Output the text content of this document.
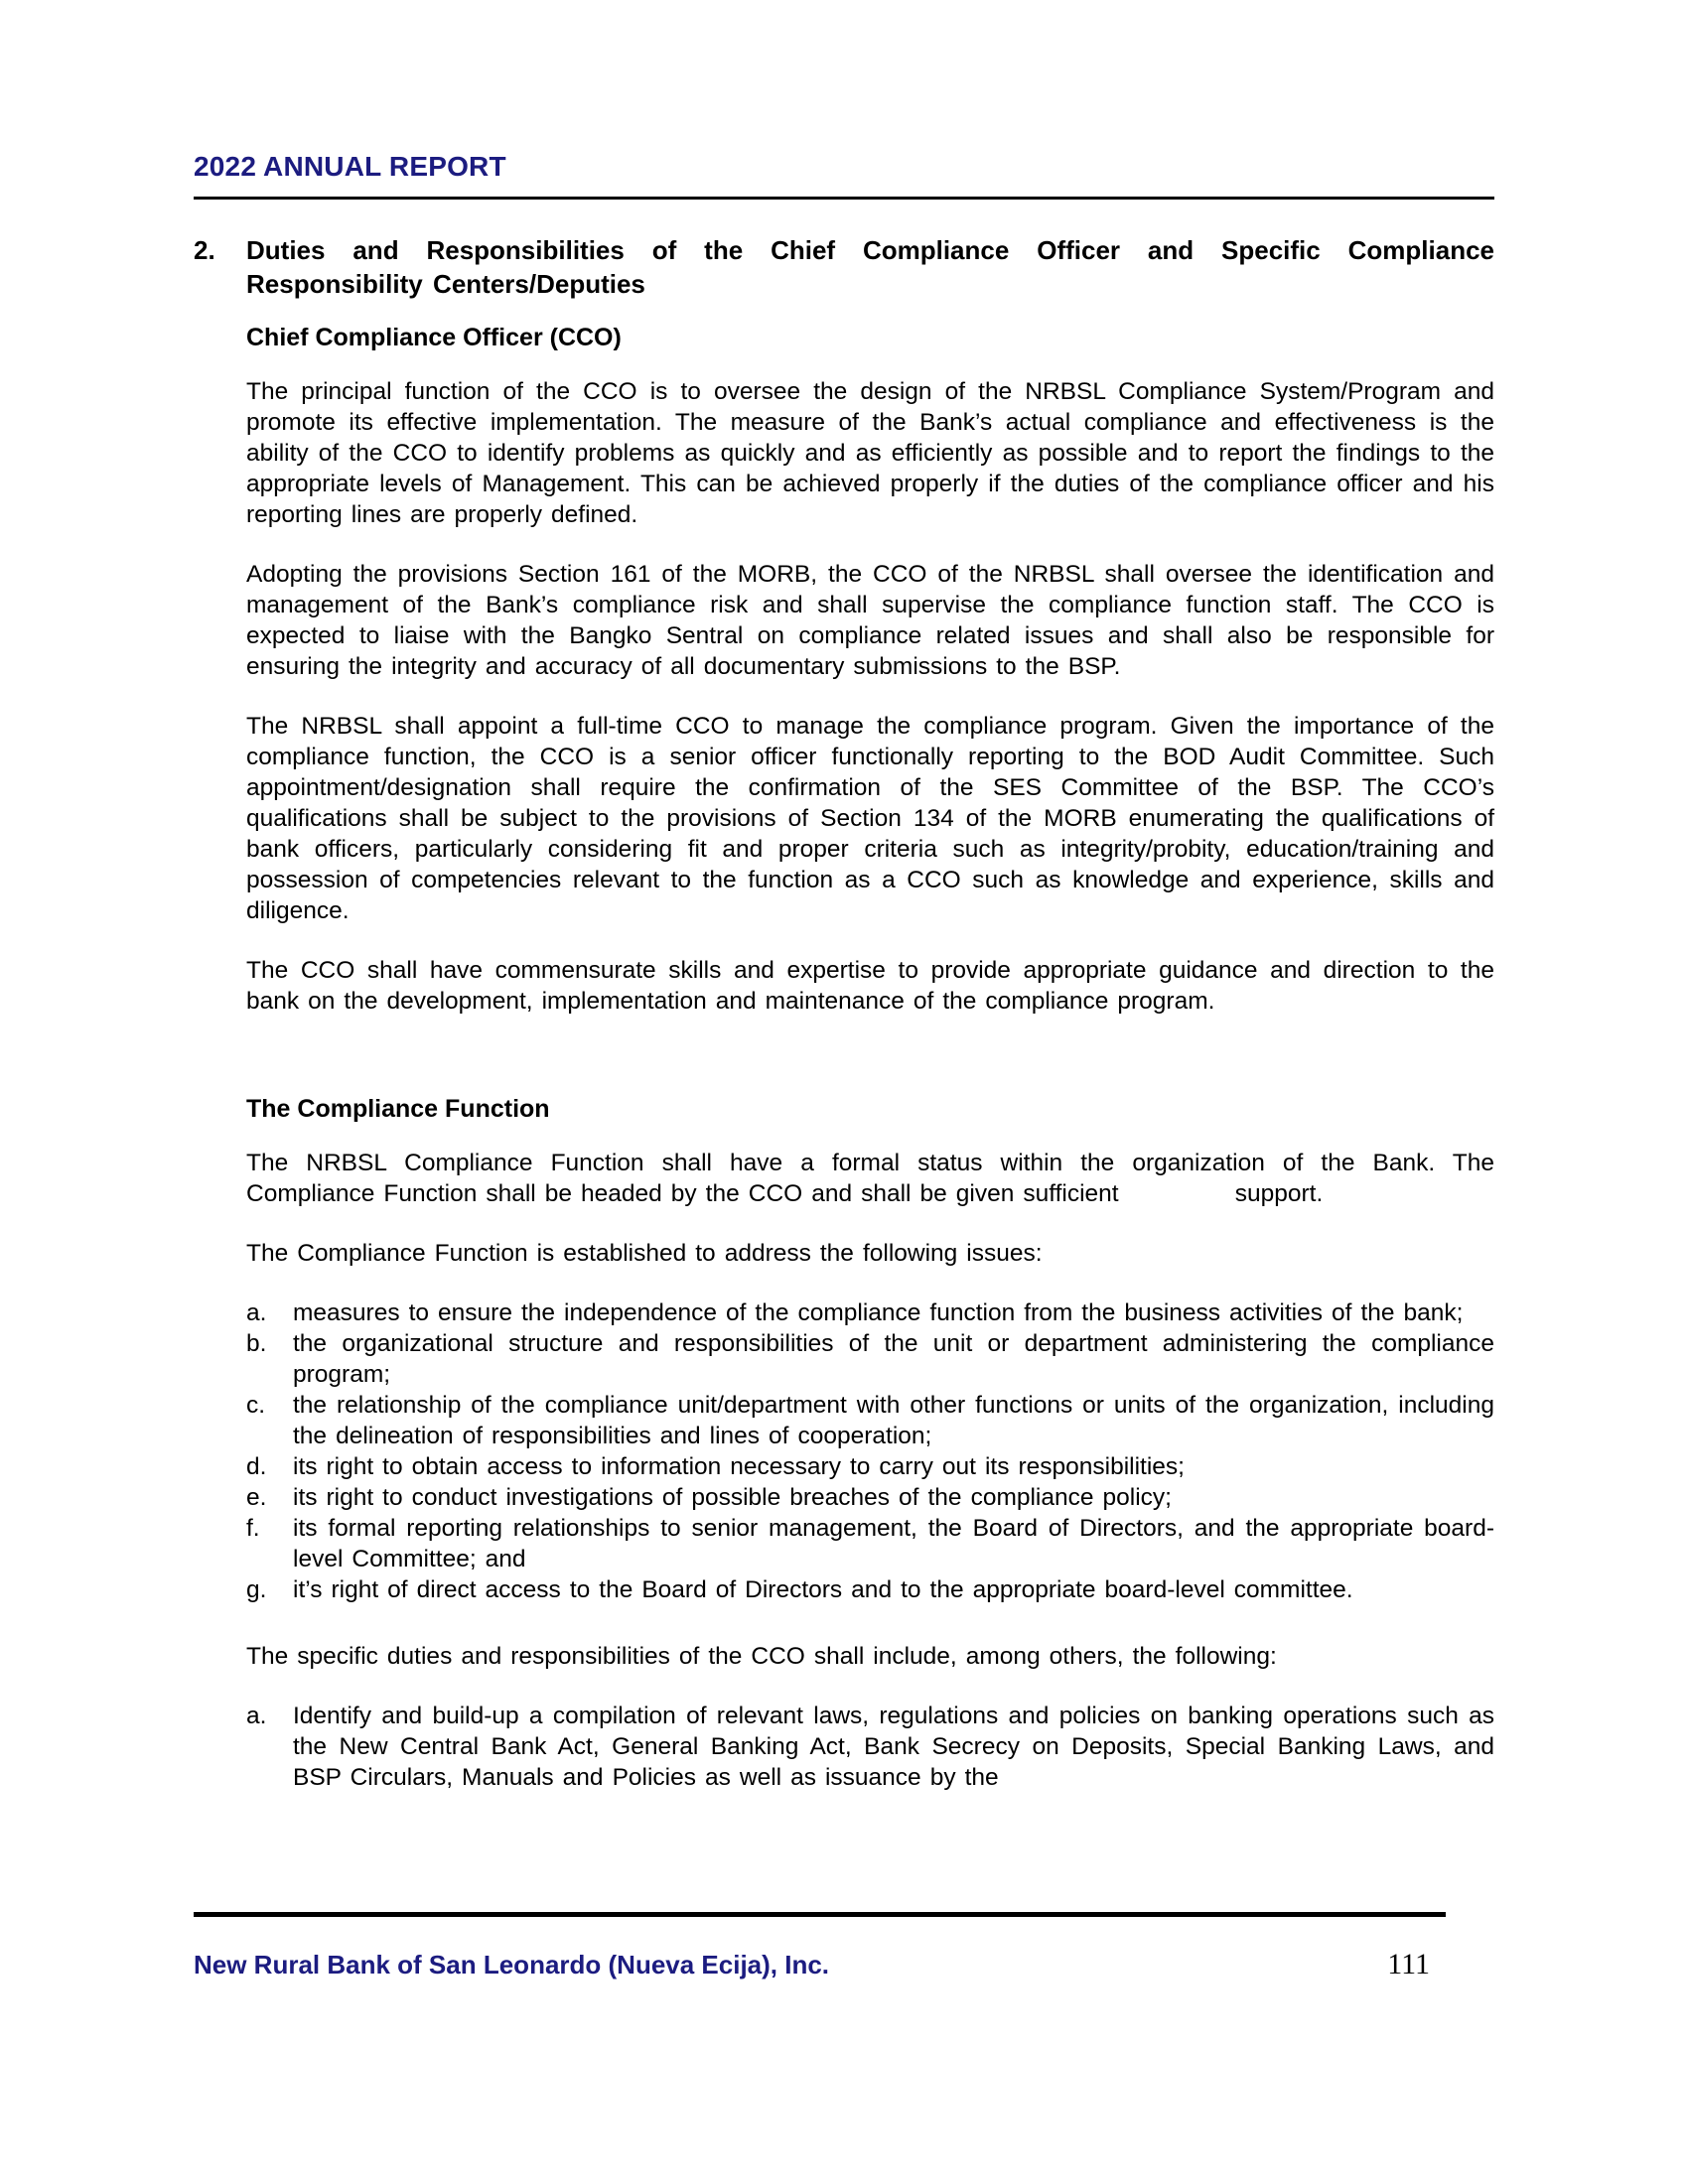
2022 ANNUAL REPORT
2.	Duties and Responsibilities of the Chief Compliance Officer and Specific Compliance Responsibility Centers/Deputies
Chief Compliance Officer (CCO)

The principal function of the CCO is to oversee the design of the NRBSL Compliance System/Program and promote its effective implementation. The measure of the Bank’s actual compliance and effectiveness is the ability of the CCO to identify problems as quickly and as efficiently as possible and to report the findings to the appropriate levels of Management. This can be achieved properly if the duties of the compliance officer and his reporting lines are properly defined.

Adopting the provisions Section 161 of the MORB, the CCO of the NRBSL shall oversee the identification and management of the Bank’s compliance risk and shall supervise the compliance function staff. The CCO is expected to liaise with the Bangko Sentral on compliance related issues and shall also be responsible for ensuring the integrity and accuracy of all documentary submissions to the BSP.

The NRBSL shall appoint a full-time CCO to manage the compliance program. Given the importance of the compliance function, the CCO is a senior officer functionally reporting to the BOD Audit Committee. Such appointment/designation shall require the confirmation of the SES Committee of the BSP. The CCO’s qualifications shall be subject to the provisions of Section 134 of the MORB enumerating the qualifications of bank officers, particularly considering fit and proper criteria such as integrity/probity, education/training and possession of competencies relevant to the function as a CCO such as knowledge and experience, skills and diligence.

The CCO shall have commensurate skills and expertise to provide appropriate guidance and direction to the bank on the development, implementation and maintenance of the compliance program.

The Compliance Function

The NRBSL Compliance Function shall have a formal status within the organization of the Bank. The Compliance Function shall be headed by the CCO and shall be given sufficient             support.

The Compliance Function is established to address the following issues:

a.	measures to ensure the independence of the compliance function from the business activities of the bank;
b.	the organizational structure and responsibilities of the unit or department administering the compliance program;
c.	the relationship of the compliance unit/department with other functions or units of the organization, including the delineation of responsibilities and lines of cooperation;
d.	its right to obtain access to information necessary to carry out its responsibilities;
e.	its right to conduct investigations of possible breaches of the compliance policy;
f.	its formal reporting relationships to senior management, the Board of Directors, and the appropriate board-level Committee; and
g.	it’s right of direct access to the Board of Directors and to the appropriate board-level committee.

The specific duties and responsibilities of the CCO shall include, among others, the following:

a.	Identify and build-up a compilation of relevant laws, regulations and policies on banking operations such as the New Central Bank Act, General Banking Act, Bank Secrecy on Deposits, Special Banking Laws, and BSP Circulars, Manuals and Policies as well as issuance by the
New Rural Bank of San Leonardo (Nueva Ecija), Inc.	111
